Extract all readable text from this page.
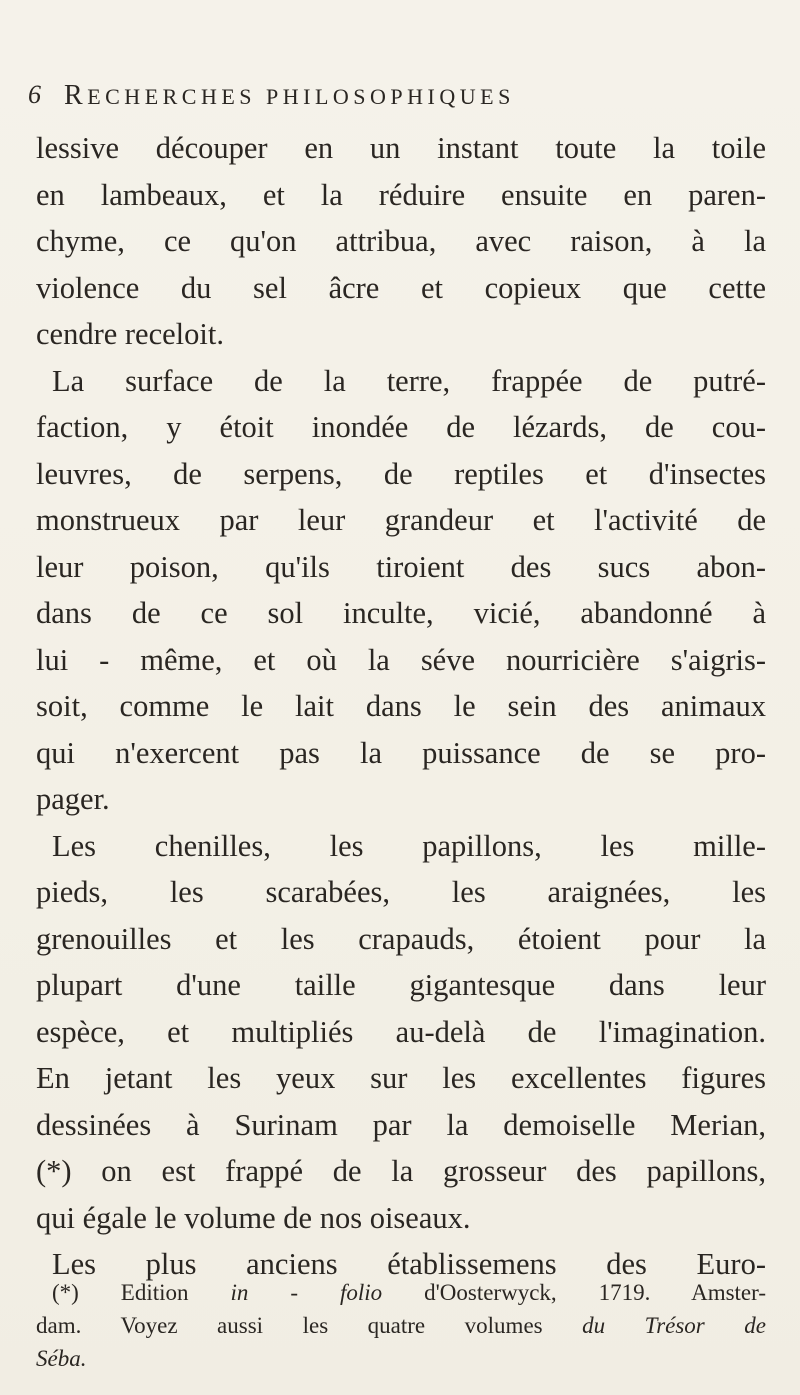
6 RECHERCHES PHILOSOPHIQUES
lessive découper en un instant toute la toile
en lambeaux, et la réduire ensuite en paren-
chyme, ce qu'on attribua, avec raison, à la
violence du sel âcre et copieux que cette
cendre receloit.
La surface de la terre, frappée de putré-
faction, y étoit inondée de lézards, de cou-
leuvres, de serpens, de reptiles et d'insectes
monstrueux par leur grandeur et l'activité de
leur poison, qu'ils tiroient des sucs abon-
dans de ce sol inculte, vicié, abandonné à
lui - même, et où la séve nourricière s'aigris-
soit, comme le lait dans le sein des animaux
qui n'exercent pas la puissance de se pro-
pager.
Les chenilles, les papillons, les mille-
pieds, les scarabées, les araignées, les
grenouilles et les crapauds, étoient pour la
plupart d'une taille gigantesque dans leur
espèce, et multipliés au-delà de l'imagination.
En jetant les yeux sur les excellentes figures
dessinées à Surinam par la demoiselle Merian,
(*) on est frappé de la grosseur des papillons,
qui égale le volume de nos oiseaux.
Les plus anciens établissemens des Euro-
(*) Edition in - folio d'Oosterwyck, 1719. Amster-
dam. Voyez aussi les quatre volumes du Trésor de
Séba.
